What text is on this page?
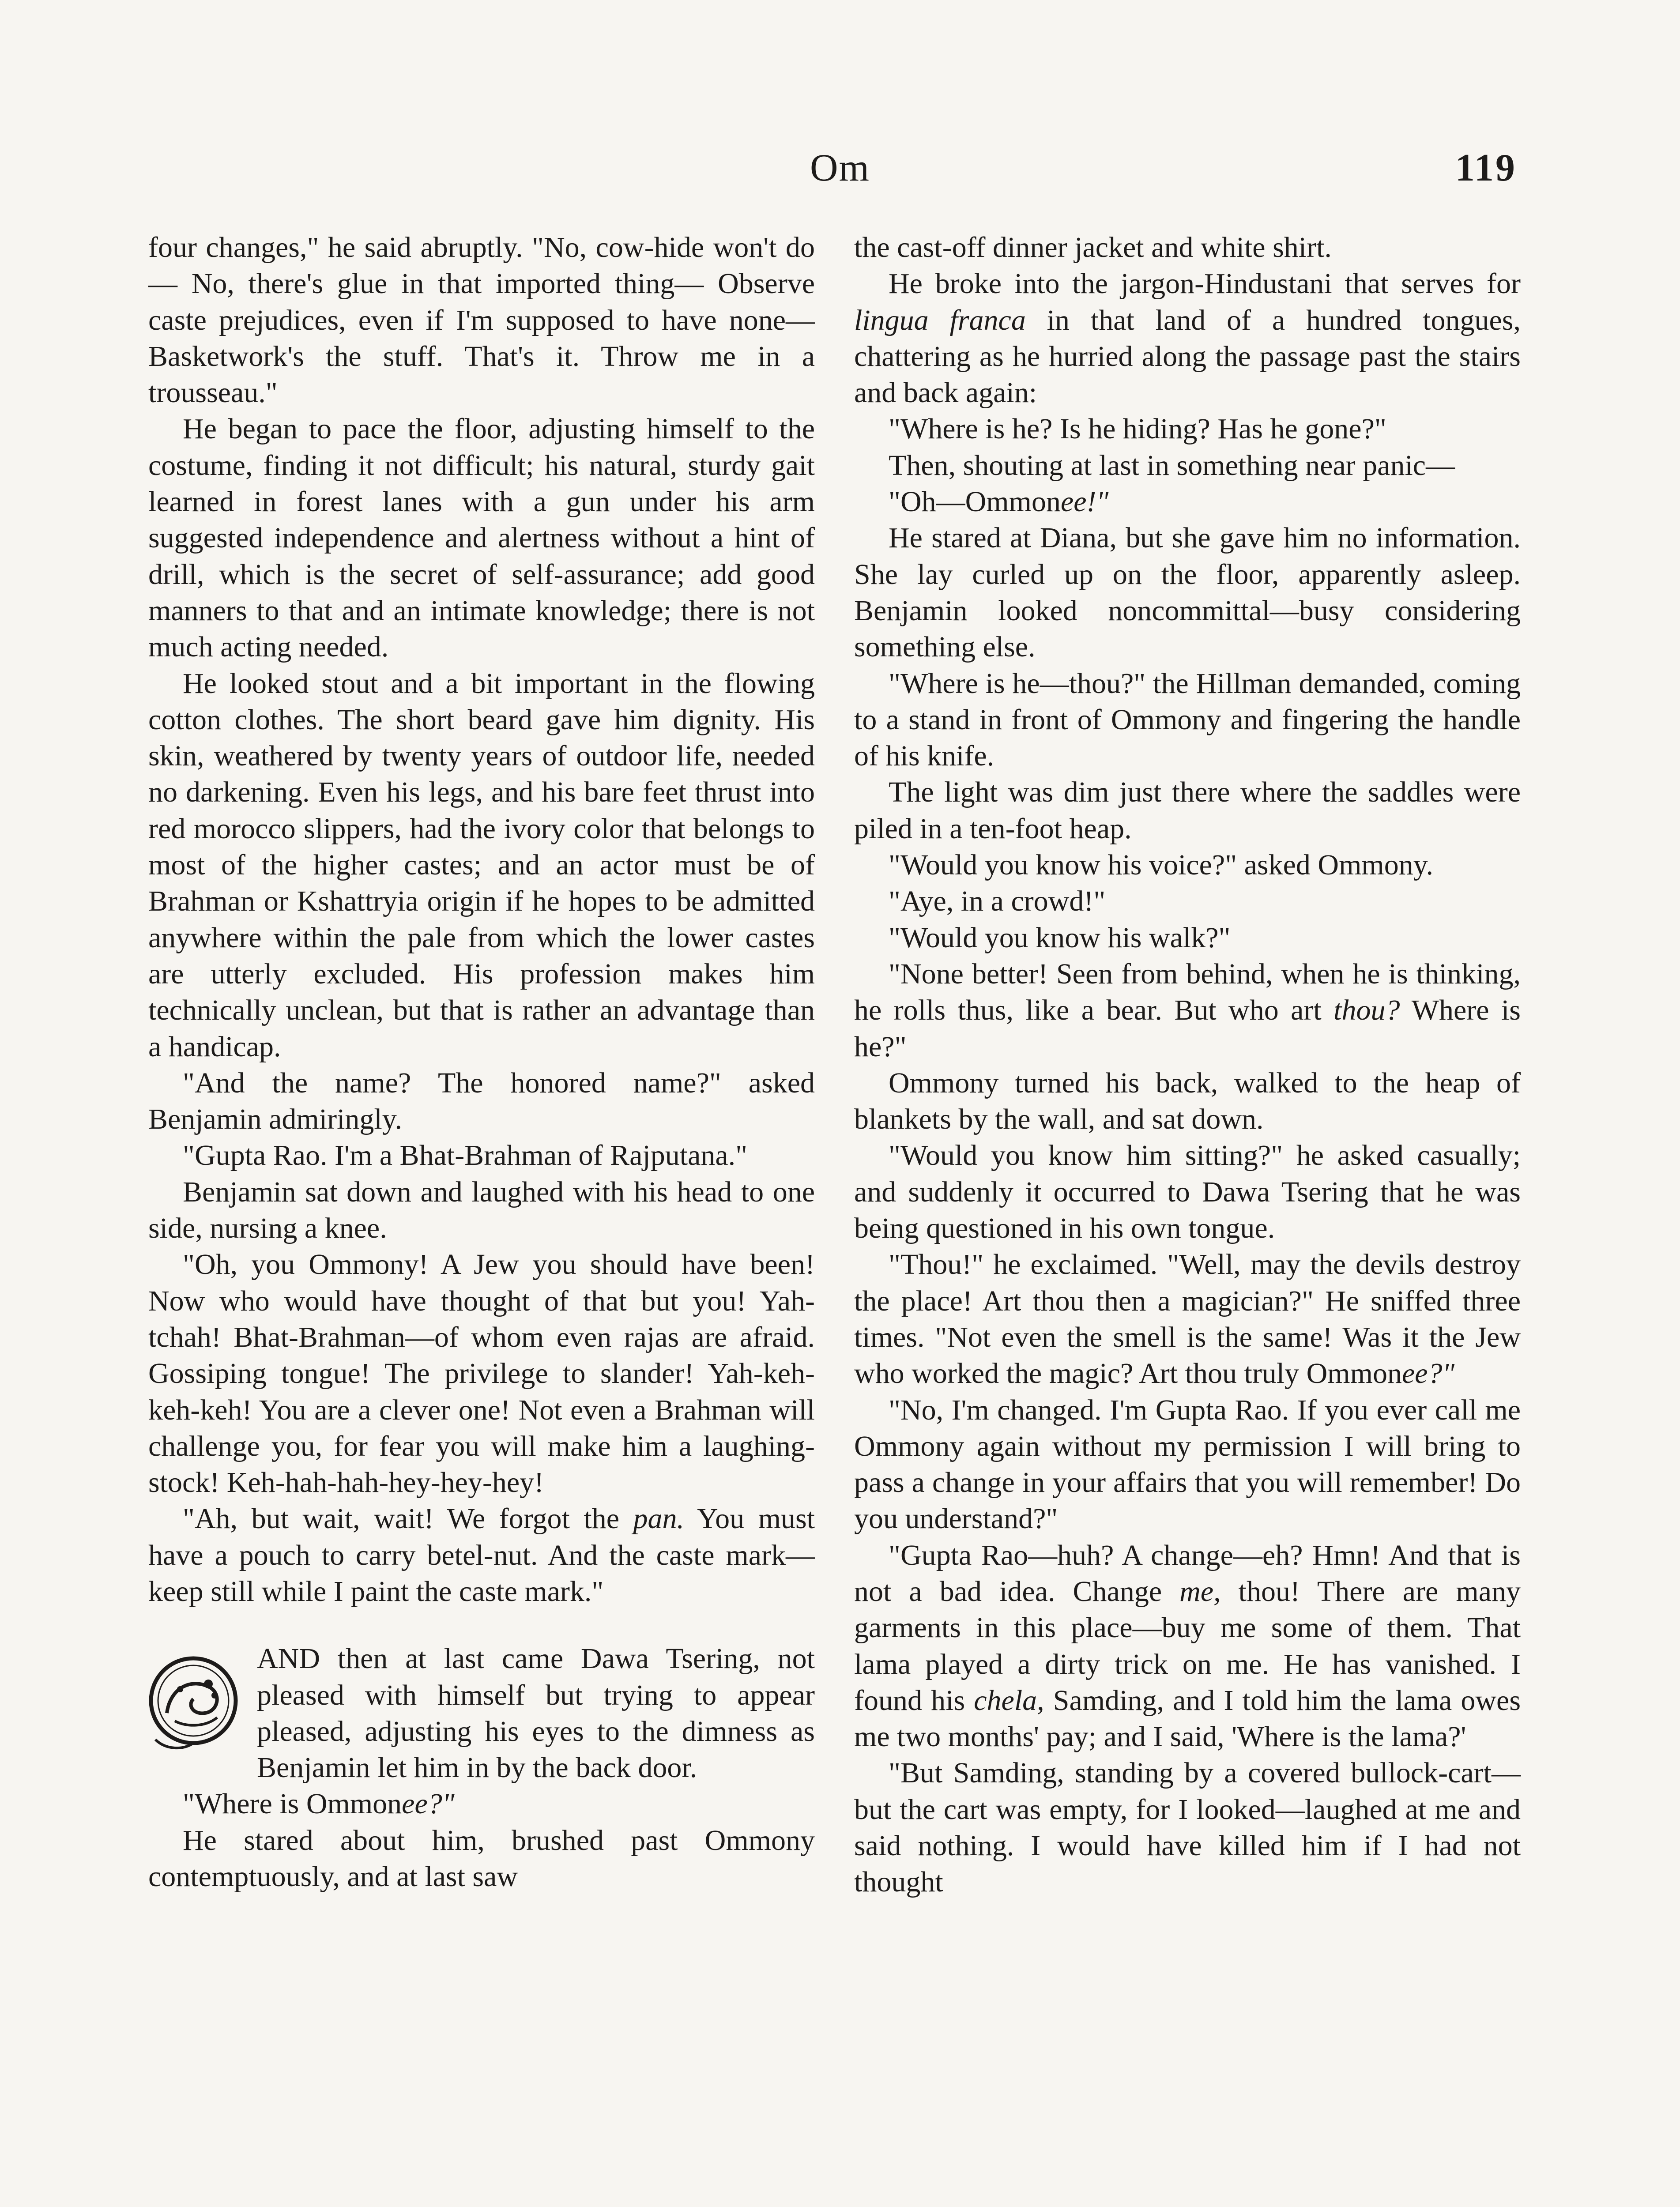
Om	119

four changes," he said abruptly. "No, cow-hide won't do— No, there's glue in that imported thing— Observe caste prejudices, even if I'm supposed to have none— Basketwork's the stuff. That's it. Throw me in a trousseau."

He began to pace the floor, adjusting himself to the costume, finding it not difficult; his natural, sturdy gait learned in forest lanes with a gun under his arm suggested independence and alertness without a hint of drill, which is the secret of self-assurance; add good manners to that and an intimate knowledge; there is not much acting needed.

He looked stout and a bit important in the flowing cotton clothes. The short beard gave him dignity. His skin, weathered by twenty years of outdoor life, needed no darkening. Even his legs, and his bare feet thrust into red morocco slippers, had the ivory color that belongs to most of the higher castes; and an actor must be of Brahman or Kshattryia origin if he hopes to be admitted anywhere within the pale from which the lower castes are utterly excluded. His profession makes him technically unclean, but that is rather an advantage than a handicap.

"And the name? The honored name?" asked Benjamin admiringly.

"Gupta Rao. I'm a Bhat-Brahman of Rajputana."

Benjamin sat down and laughed with his head to one side, nursing a knee.

"Oh, you Ommony! A Jew you should have been! Now who would have thought of that but you! Yah-tchah! Bhat-Brahman—of whom even rajas are afraid. Gossiping tongue! The privilege to slander! Yah-keh-keh-keh! You are a clever one! Not even a Brahman will challenge you, for fear you will make him a laughing-stock! Keh-hah-hah-hey-hey-hey!

"Ah, but wait, wait! We forgot the pan. You must have a pouch to carry betel-nut. And the caste mark—keep still while I paint the caste mark."

AND then at last came Dawa Tsering, not pleased with himself but trying to appear pleased, adjusting his eyes to the dimness as Benjamin let him in by the back door.

"Where is Ommonee?"

He stared about him, brushed past Ommony contemptuously, and at last saw

the cast-off dinner jacket and white shirt.

He broke into the jargon-Hindustani that serves for lingua franca in that land of a hundred tongues, chattering as he hurried along the passage past the stairs and back again:

"Where is he? Is he hiding? Has he gone?"

Then, shouting at last in something near panic—

"Oh—Ommonee!"

He stared at Diana, but she gave him no information. She lay curled up on the floor, apparently asleep. Benjamin looked noncommittal—busy considering something else.

"Where is he—thou?" the Hillman demanded, coming to a stand in front of Ommony and fingering the handle of his knife.

The light was dim just there where the saddles were piled in a ten-foot heap.

"Would you know his voice?" asked Ommony.

"Aye, in a crowd!"

"Would you know his walk?"

"None better! Seen from behind, when he is thinking, he rolls thus, like a bear. But who art thou? Where is he?"

Ommony turned his back, walked to the heap of blankets by the wall, and sat down.

"Would you know him sitting?" he asked casually; and suddenly it occurred to Dawa Tsering that he was being questioned in his own tongue.

"Thou!" he exclaimed. "Well, may the devils destroy the place! Art thou then a magician?" He sniffed three times. "Not even the smell is the same! Was it the Jew who worked the magic? Art thou truly Ommonee?"

"No, I'm changed. I'm Gupta Rao. If you ever call me Ommony again without my permission I will bring to pass a change in your affairs that you will remember! Do you understand?"

"Gupta Rao—huh? A change—eh? Hmn! And that is not a bad idea. Change me, thou! There are many garments in this place—buy me some of them. That lama played a dirty trick on me. He has vanished. I found his chela, Samding, and I told him the lama owes me two months' pay; and I said, 'Where is the lama?'

"But Samding, standing by a covered bullock-cart—but the cart was empty, for I looked—laughed at me and said nothing. I would have killed him if I had not thought
